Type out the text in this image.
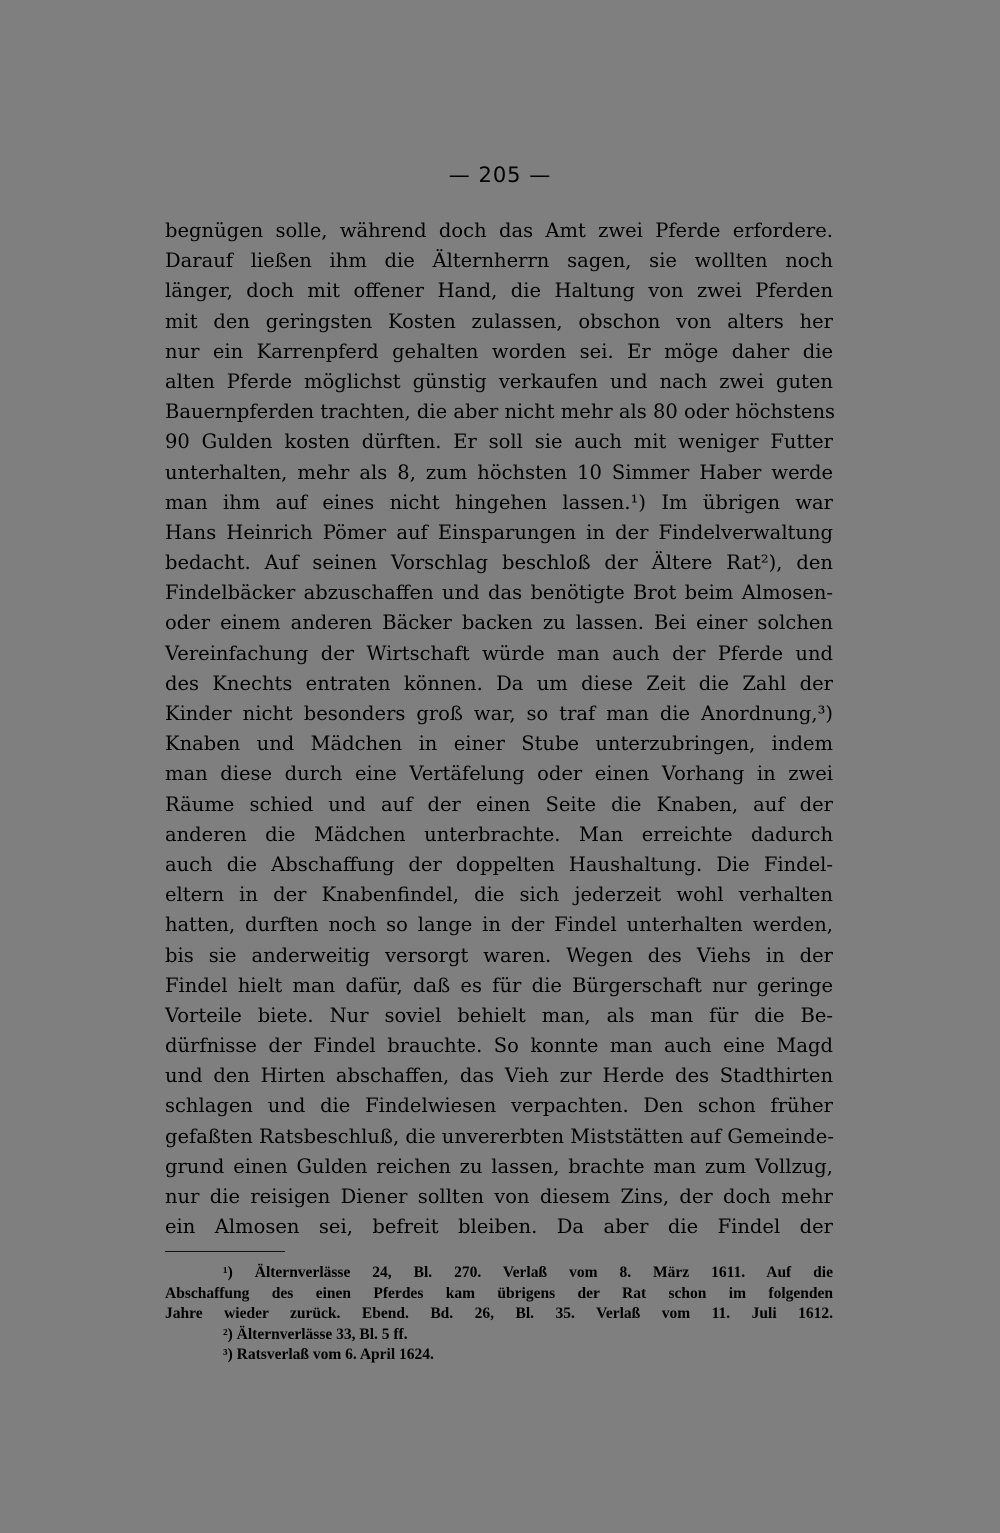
— 205 —
begnügen solle, während doch das Amt zwei Pferde erfordere.
Darauf ließen ihm die Älternherrn sagen, sie wollten noch
länger, doch mit offener Hand, die Haltung von zwei Pferden
mit den geringsten Kosten zulassen, obschon von alters her
nur ein Karrenpferd gehalten worden sei. Er möge daher die
alten Pferde möglichst günstig verkaufen und nach zwei guten
Bauernpferden trachten, die aber nicht mehr als 80 oder höchstens
90 Gulden kosten dürften. Er soll sie auch mit weniger Futter
unterhalten, mehr als 8, zum höchsten 10 Simmer Haber werde
man ihm auf eines nicht hingehen lassen.¹) Im übrigen war
Hans Heinrich Pömer auf Einsparungen in der Findelverwaltung
bedacht. Auf seinen Vorschlag beschloß der Ältere Rat²), den
Findelbäcker abzuschaffen und das benötigte Brot beim Almosen-
oder einem anderen Bäcker backen zu lassen. Bei einer solchen
Vereinfachung der Wirtschaft würde man auch der Pferde und
des Knechts entraten können. Da um diese Zeit die Zahl der
Kinder nicht besonders groß war, so traf man die Anordnung,³)
Knaben und Mädchen in einer Stube unterzubringen, indem
man diese durch eine Vertäfelung oder einen Vorhang in zwei
Räume schied und auf der einen Seite die Knaben, auf der
anderen die Mädchen unterbrachte. Man erreichte dadurch
auch die Abschaffung der doppelten Haushaltung. Die Findel-
eltern in der Knabenfindel, die sich jederzeit wohl verhalten
hatten, durften noch so lange in der Findel unterhalten werden,
bis sie anderweitig versorgt waren. Wegen des Viehs in der
Findel hielt man dafür, daß es für die Bürgerschaft nur geringe
Vorteile biete. Nur soviel behielt man, als man für die Be-
dürfnisse der Findel brauchte. So konnte man auch eine Magd
und den Hirten abschaffen, das Vieh zur Herde des Stadthirten
schlagen und die Findelwiesen verpachten. Den schon früher
gefaßten Ratsbeschluß, die unvererbten Miststätten auf Gemeinde-
grund einen Gulden reichen zu lassen, brachte man zum Vollzug,
nur die reisigen Diener sollten von diesem Zins, der doch mehr
ein Almosen sei, befreit bleiben. Da aber die Findel der
¹) Älternverlässe 24, Bl. 270. Verlaß vom 8. März 1611. Auf die
Abschaffung des einen Pferdes kam übrigens der Rat schon im folgenden
Jahre wieder zurück. Ebend. Bd. 26, Bl. 35. Verlaß vom 11. Juli 1612.
²) Älternverlässe 33, Bl. 5 ff.
³) Ratsverlaß vom 6. April 1624.
